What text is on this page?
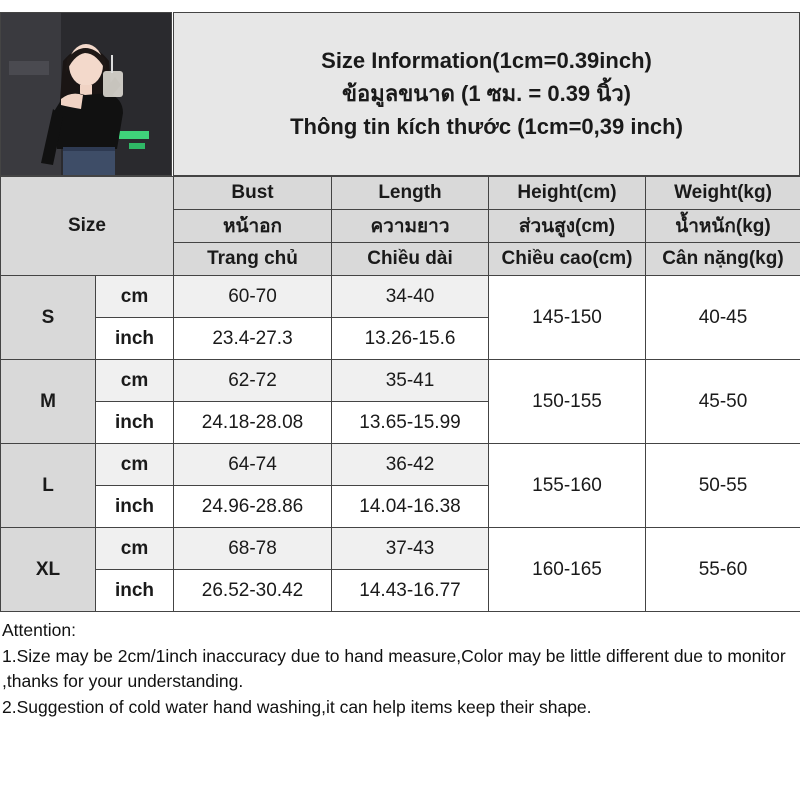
Size Information(1cm=0.39inch)
ข้อมูลขนาด (1 ซม. = 0.39 นิ้ว)
Thông tin kích thước (1cm=0,39 inch)
Size		Bust	Length	Height(cm)	Weight(kg)
		หน้าอก	ความยาว	ส่วนสูง(cm)	น้ำหนัก(kg)
		Trang chủ	Chiều dài	Chiều cao(cm)	Cân nặng(kg)
S	cm	60-70	34-40	145-150	40-45
	inch	23.4-27.3	13.26-15.6		
M	cm	62-72	35-41	150-155	45-50
	inch	24.18-28.08	13.65-15.99		
L	cm	64-74	36-42	155-160	50-55
	inch	24.96-28.86	14.04-16.38		
XL	cm	68-78	37-43	160-165	55-60
	inch	26.52-30.42	14.43-16.77		
Attention:
1.Size may be 2cm/1inch inaccuracy due to hand measure,Color may be little different due to monitor ,thanks for your understanding.
2.Suggestion of cold water hand washing,it can help items keep their shape.
